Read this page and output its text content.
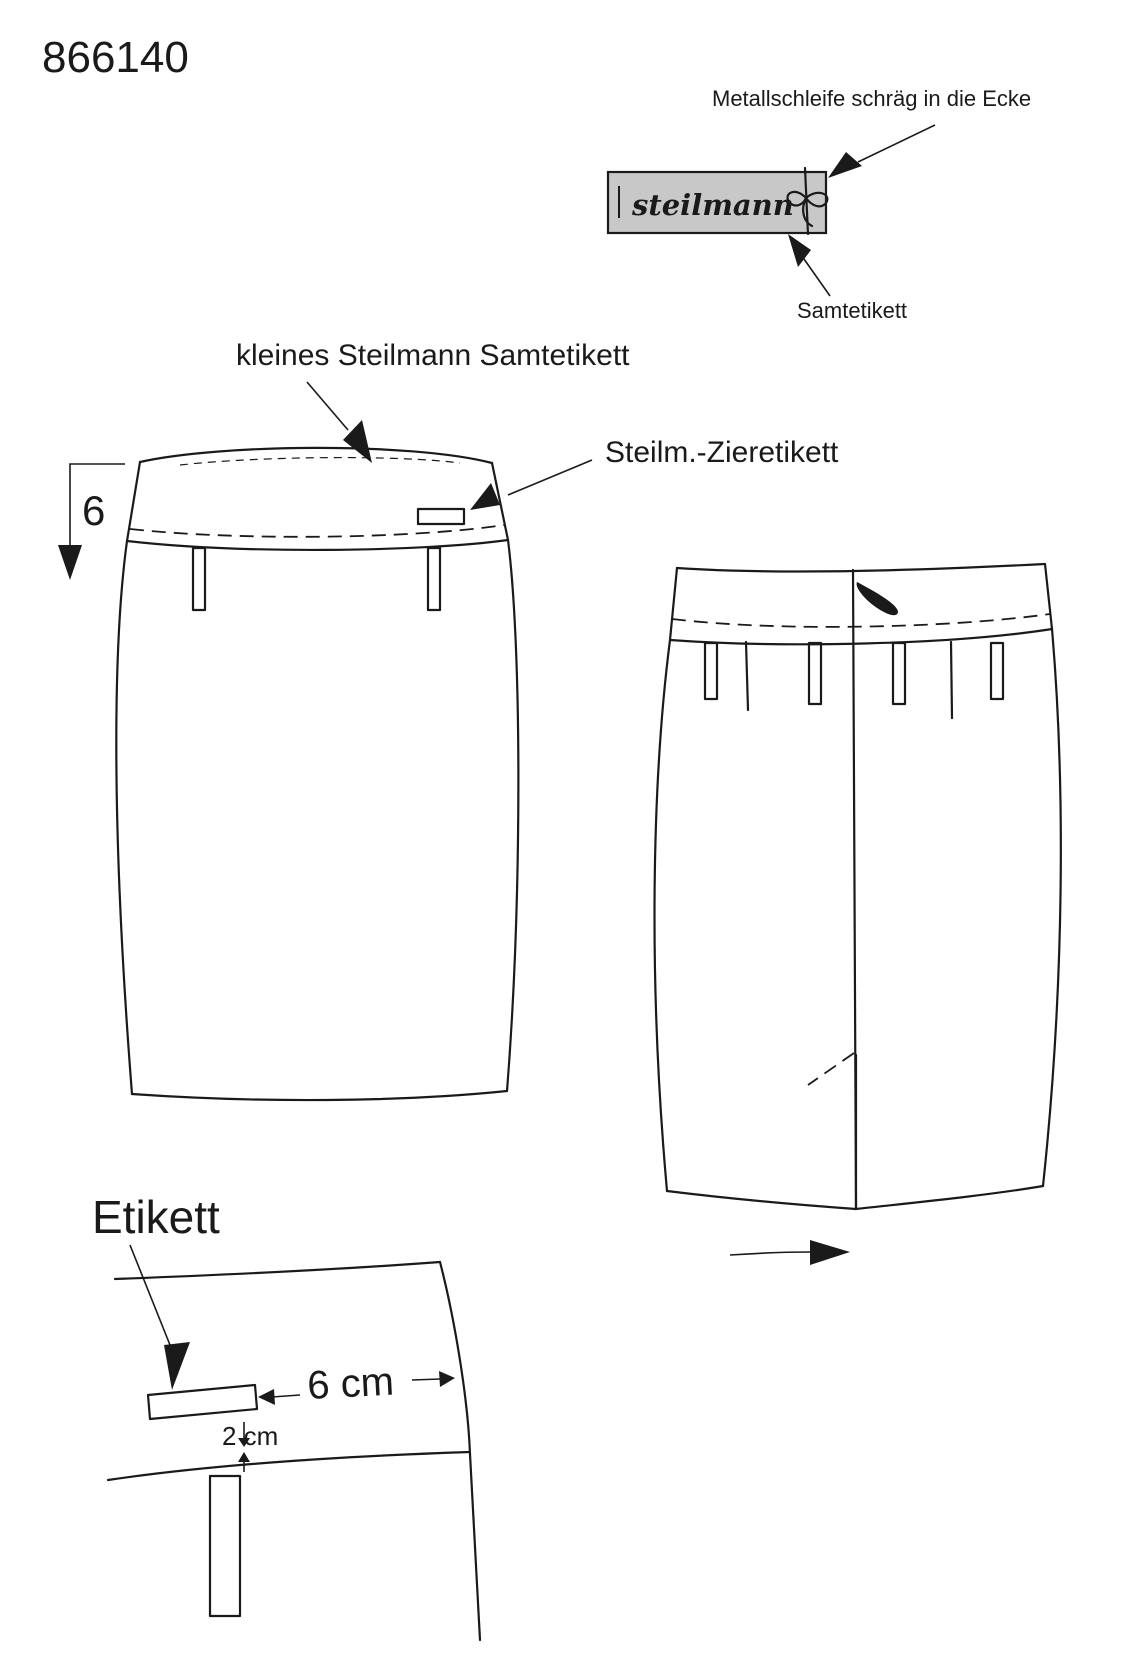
866140
Metallschleife schräg in die Ecke
steilmann
Samtetikett
kleines Steilmann Samtetikett
Steilm.-Zieretikett
6
Etikett
6 cm
2 cm
